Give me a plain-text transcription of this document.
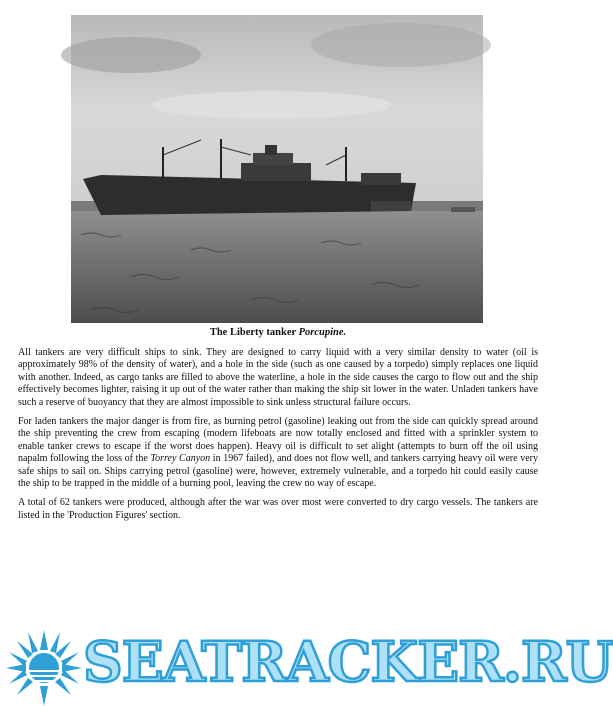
The Liberty tanker Porcupine.

All tankers are very difficult ships to sink. They are designed to carry liquid with a very similar density to water (oil is approximately 98% of the density of water), and a hole in the side (such as one caused by a torpedo) simply replaces one liquid with another. Indeed, as cargo tanks are filled to above the waterline, a hole in the side causes the cargo to flow out and the ship effectively becomes lighter, raising it up out of the water rather than making the ship sit lower in the water. Unladen tankers have such a reserve of buoyancy that they are almost impossible to sink unless structural failure occurs.

For laden tankers the major danger is from fire, as burning petrol (gasoline) leaking out from the side can quickly spread around the ship preventing the crew from escaping (modern lifeboats are now totally enclosed and fitted with a sprinkler system to enable tanker crews to escape if the worst does happen). Heavy oil is difficult to set alight (attempts to burn off the oil using napalm following the loss of the Torrey Canyon in 1967 failed), and does not flow well, and tankers carrying heavy oil were very safe ships to sail on. Ships carrying petrol (gasoline) were, however, extremely vulnerable, and a torpedo hit could easily cause the ship to be trapped in the middle of a burning pool, leaving the crew no way of escape.

A total of 62 tankers were produced, although after the war was over most were converted to dry cargo vessels. The tankers are listed in the 'Production Figures' section.

SEATRACKER.RU
